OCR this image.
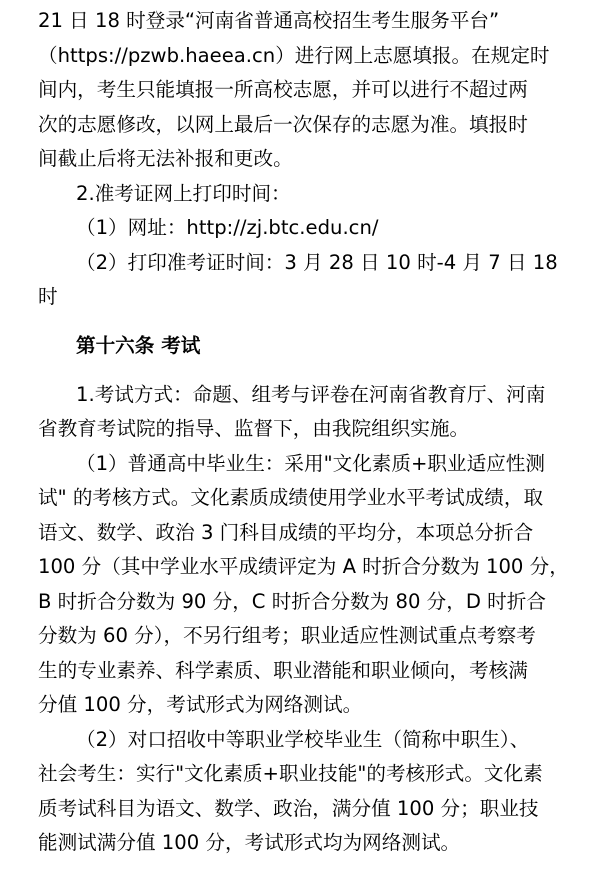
21 日 18 时登录“河南省普通高校招生考生服务平台”
（https://pzwb.haeea.cn）进行网上志愿填报。在规定时
间内，考生只能填报一所高校志愿，并可以进行不超过两
次的志愿修改，以网上最后一次保存的志愿为准。填报时
间截止后将无法补报和更改。
2.准考证网上打印时间：
（1）网址：http://zj.btc.edu.cn/
（2）打印准考证时间：3 月 28 日 10 时-4 月 7 日 18
时
第十六条 考试
1.考试方式：命题、组考与评卷在河南省教育厅、河南
省教育考试院的指导、监督下，由我院组织实施。
（1）普通高中毕业生：采用"文化素质+职业适应性测
试" 的考核方式。文化素质成绩使用学业水平考试成绩，取
语文、数学、政治 3 门科目成绩的平均分，本项总分折合
100 分（其中学业水平成绩评定为 A 时折合分数为 100 分，
B 时折合分数为 90 分，C 时折合分数为 80 分，D 时折合
分数为 60 分），不另行组考；职业适应性测试重点考察考
生的专业素养、科学素质、职业潜能和职业倾向，考核满
分值 100 分，考试形式为网络测试。
（2）对口招收中等职业学校毕业生（简称中职生）、
社会考生：实行"文化素质+职业技能"的考核形式。文化素
质考试科目为语文、数学、政治，满分值 100 分；职业技
能测试满分值 100 分，考试形式均为网络测试。
